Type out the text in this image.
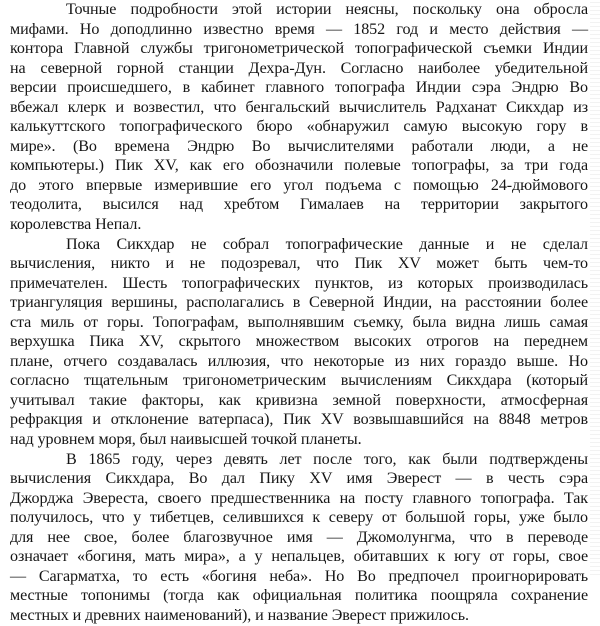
Точные подробности этой истории неясны, поскольку она обросла
мифами. Но доподлинно известно время — 1852 год и место действия —
контора Главной службы тригонометрической топографической съемки Индии
на северной горной станции Дехра-Дун. Согласно наиболее убедительной
версии происшедшего, в кабинет главного топографа Индии сэра Эндрю Во
вбежал клерк и возвестил, что бенгальский вычислитель Радханат Сикхдар из
калькуттского топографического бюро «обнаружил самую высокую гору в
мире». (Во времена Эндрю Во вычислителями работали люди, а не
компьютеры.) Пик XV, как его обозначили полевые топографы, за три года
до этого впервые измерившие его угол подъема с помощью 24-дюймового
теодолита, высился над хребтом Гималаев на территории закрытого
королевства Непал.
Пока Сикхдар не собрал топографические данные и не сделал
вычисления, никто и не подозревал, что Пик XV может быть чем-то
примечателен. Шесть топографических пунктов, из которых производилась
триангуляция вершины, располагались в Северной Индии, на расстоянии более
ста миль от горы. Топографам, выполнявшим съемку, была видна лишь самая
верхушка Пика XV, скрытого множеством высоких отрогов на переднем
плане, отчего создавалась иллюзия, что некоторые из них гораздо выше. Но
согласно тщательным тригонометрическим вычислениям Сикхдара (который
учитывал такие факторы, как кривизна земной поверхности, атмосферная
рефракция и отклонение ватерпаса), Пик XV возвышавшийся на 8848 метров
над уровнем моря, был наивысшей точкой планеты.
В 1865 году, через девять лет после того, как были подтверждены
вычисления Сикхдара, Во дал Пику XV имя Эверест — в честь сэра
Джорджа Эвереста, своего предшественника на посту главного топографа. Так
получилось, что у тибетцев, селившихся к северу от большой горы, уже было
для нее свое, более благозвучное имя — Джомолунгма, что в переводе
означает «богиня, мать мира», а у непальцев, обитавших к югу от горы, свое
— Сагарматха, то есть «богиня неба». Но Во предпочел проигнорировать
местные топонимы (тогда как официальная политика поощряла сохранение
местных и древних наименований), и название Эверест прижилось.
